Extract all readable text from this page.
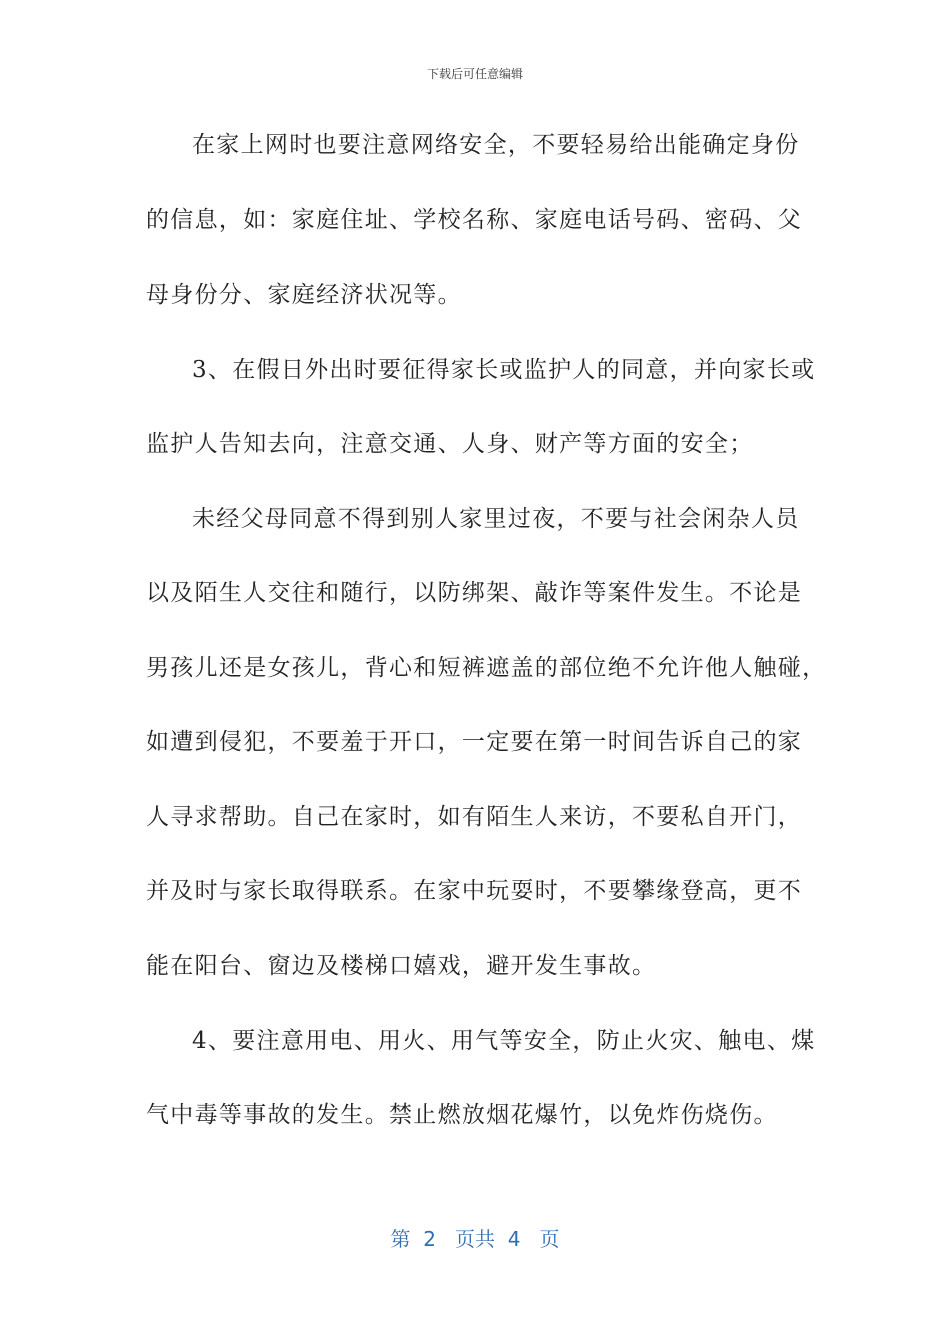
下载后可任意编辑
在家上网时也要注意网络安全，不要轻易给出能确定身份
的信息，如：家庭住址、学校名称、家庭电话号码、密码、父
母身份分、家庭经济状况等。
3、在假日外出时要征得家长或监护人的同意，并向家长或
监护人告知去向，注意交通、人身、财产等方面的安全；
未经父母同意不得到别人家里过夜，不要与社会闲杂人员
以及陌生人交往和随行，以防绑架、敲诈等案件发生。不论是
男孩儿还是女孩儿，背心和短裤遮盖的部位绝不允许他人触碰，
如遭到侵犯，不要羞于开口，一定要在第一时间告诉自己的家
人寻求帮助。自己在家时，如有陌生人来访，不要私自开门，
并及时与家长取得联系。在家中玩耍时，不要攀缘登高，更不
能在阳台、窗边及楼梯口嬉戏，避开发生事故。
4、要注意用电、用火、用气等安全，防止火灾、触电、煤
气中毒等事故的发生。禁止燃放烟花爆竹，以免炸伤烧伤。
第  2   页共  4   页
